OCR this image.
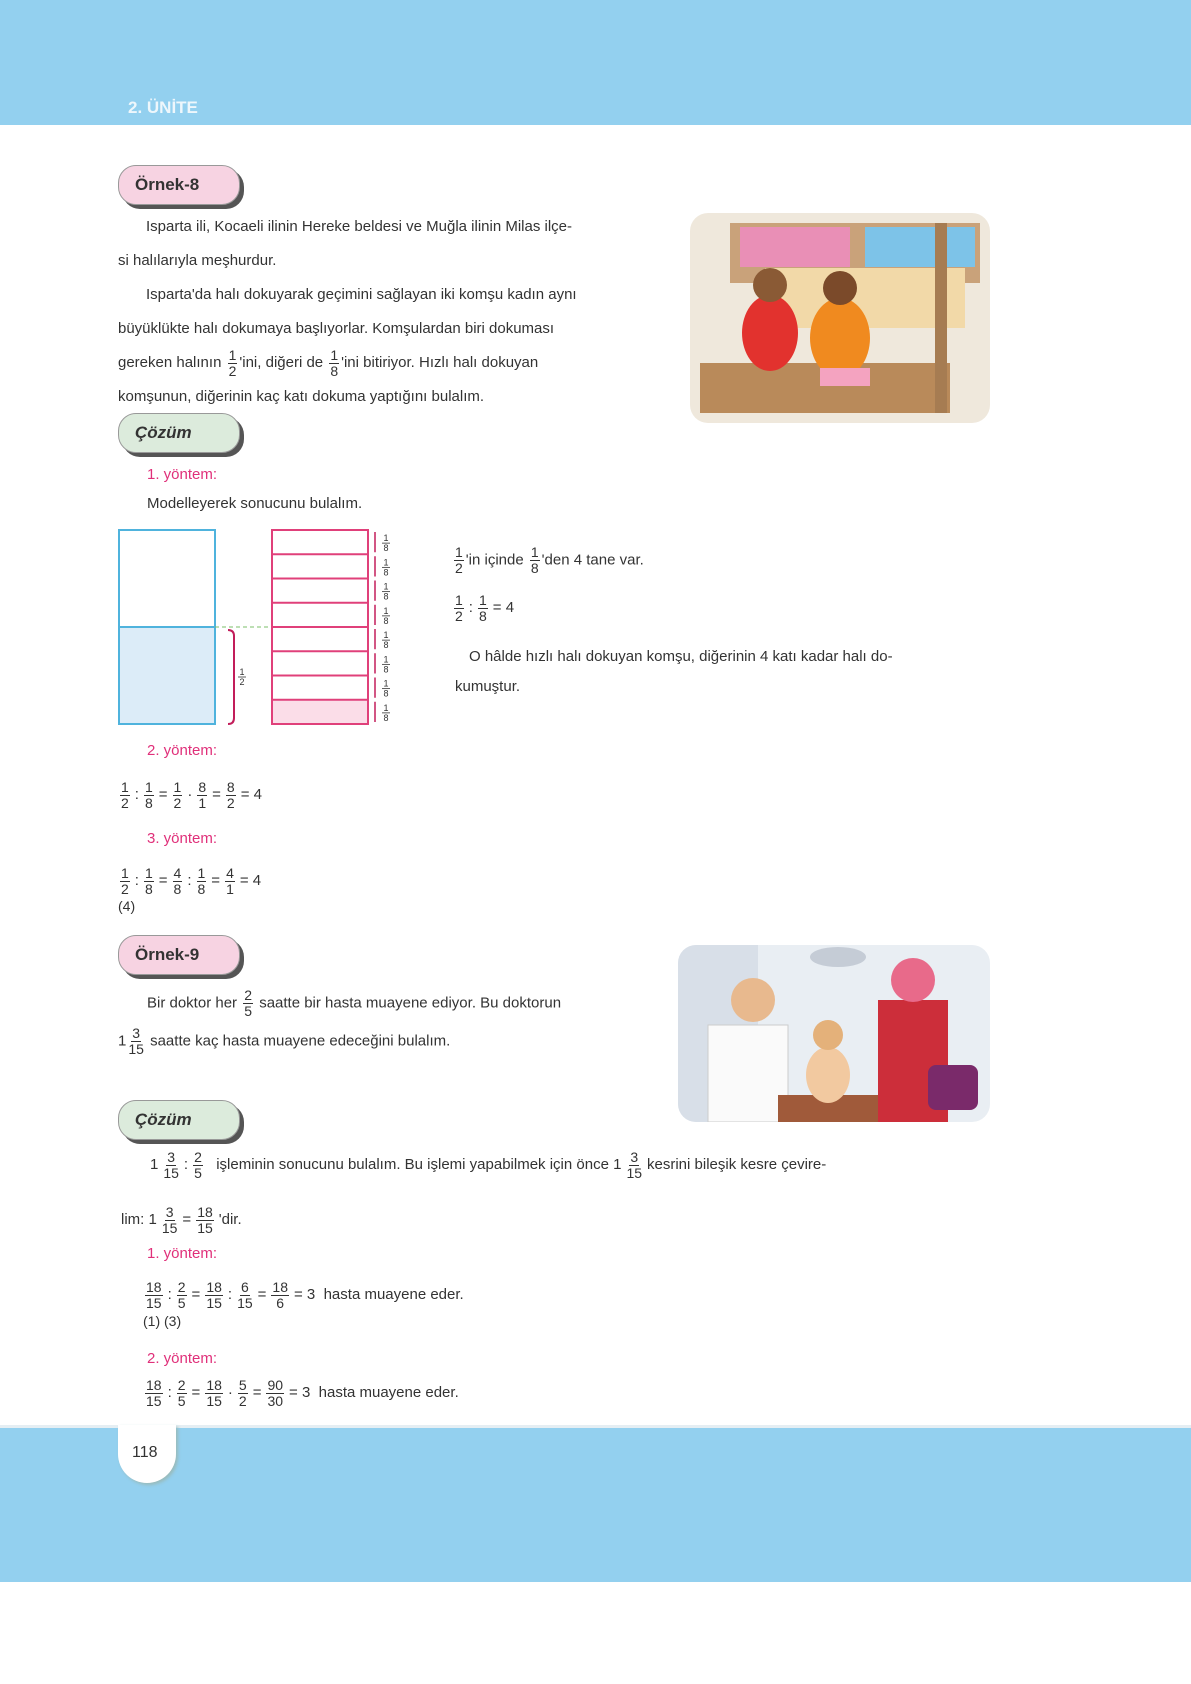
2. ÜNİTE
Örnek-8
Isparta ili, Kocaeli ilinin Hereke beldesi ve Muğla ilinin Milas ilçe-
si halılarıyla meşhurdur.
Isparta'da halı dokuyarak geçimini sağlayan iki komşu kadın aynı
büyüklükte halı dokumaya başlıyorlar. Komşulardan biri dokuması
gereken halının $\frac{1}{2}$ 'ini, diğeri de $\frac{1}{8}$ 'ini bitiriyor. Hızlı halı dokuyan
komşunun, diğerinin kaç katı dokuma yaptığını bulalım.
Çözüm
1. yöntem:
Modelleyerek sonucunu bulalım.
1
8
1
8
1
8
1
8
1
8
1
8
1
8
1
8
1
2
$\frac{1}{2}$ 'in içinde $\frac{1}{8}$ 'den 4 tane var.
$\frac{1}{2}$ : $\frac{1}{8} = 4$
O hâlde hızlı halı dokuyan komşu, diğerinin 4 katı kadar halı do-
kumuştur.
2. yöntem:
$\frac{1}{2}$ : $\frac{1}{8} = \frac{1}{2} \cdot \frac{8}{1} = \frac{8}{2} = 4$
3. yöntem:
$\frac{1}{2}$ : $\frac{1}{8} = \frac{4}{8}$ : $\frac{1}{8} = \frac{4}{1} = 4$
(4)
Örnek-9
Bir doktor her $\frac{2}{5}$ saatte bir hasta muayene ediyor. Bu doktorun
$1 \frac{3}{15}$ saatte kaç hasta muayene edeceğini bulalım.
Çözüm
$1 \frac{3}{15}$ : $\frac{2}{5}$ işleminin sonucunu bulalım. Bu işlemi yapabilmek için önce $1 \frac{3}{15}$ kesrini bileşik kesre çevire-
lim: $1 \frac{3}{15} = \frac{18}{15}$ 'dir.
1. yöntem:
$\frac{18}{15}$ : $\frac{2}{5} = \frac{18}{15}$ : $\frac{6}{15} = \frac{18}{6} = 3$  hasta muayene eder.
(1) (3)
2. yöntem:
$\frac{18}{15}$ : $\frac{2}{5} = \frac{18}{15} \cdot \frac{5}{2} = \frac{90}{30} = 3$  hasta muayene eder.
118
